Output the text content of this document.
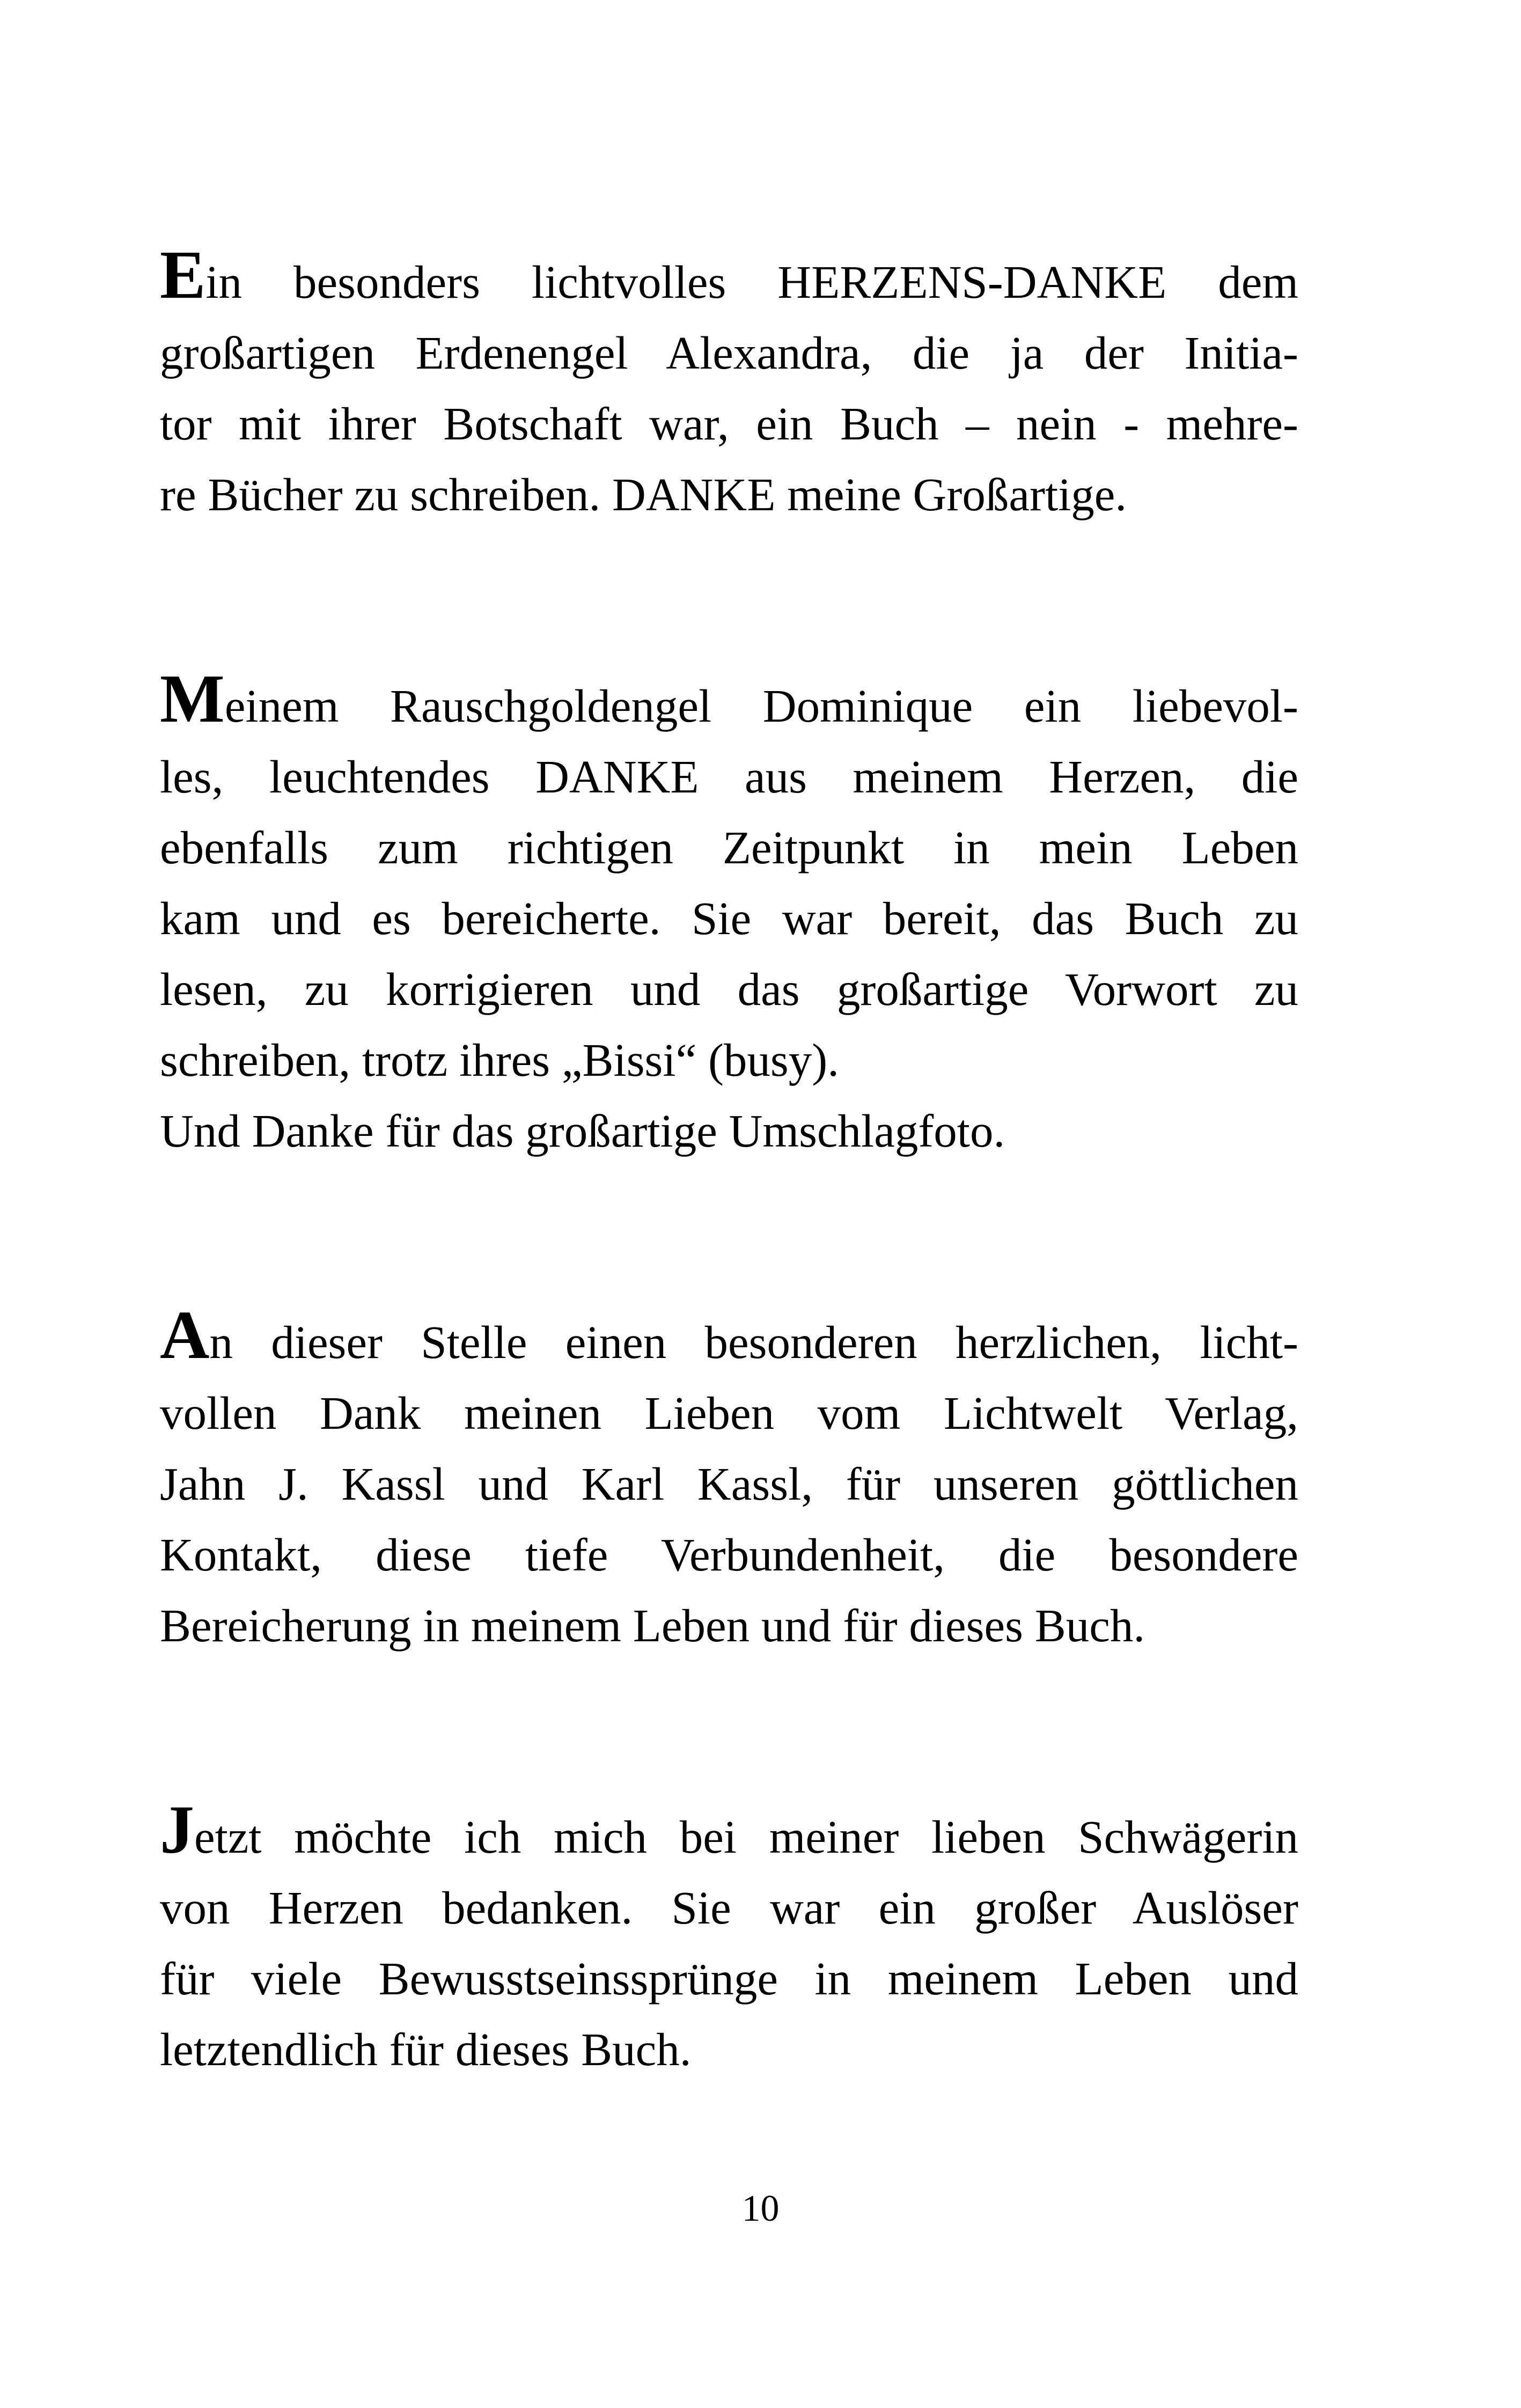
Ein besonders lichtvolles HERZENS-DANKE dem
großartigen Erdenengel Alexandra, die ja der Initia-
tor mit ihrer Botschaft war, ein Buch – nein - mehre-
re Bücher zu schreiben. DANKE meine Großartige.
Meinem Rauschgoldengel Dominique ein liebevol-
les, leuchtendes DANKE aus meinem Herzen, die
ebenfalls zum richtigen Zeitpunkt in mein Leben
kam und es bereicherte. Sie war bereit, das Buch zu
lesen, zu korrigieren und das großartige Vorwort zu
schreiben, trotz ihres „Bissi“ (busy).
Und Danke für das großartige Umschlagfoto.
An dieser Stelle einen besonderen herzlichen, licht-
vollen Dank meinen Lieben vom Lichtwelt Verlag,
Jahn J. Kassl und Karl Kassl, für unseren göttlichen
Kontakt, diese tiefe Verbundenheit, die besondere
Bereicherung in meinem Leben und für dieses Buch.
Jetzt möchte ich mich bei meiner lieben Schwägerin
von Herzen bedanken. Sie war ein großer Auslöser
für viele Bewusstseinssprünge in meinem Leben und
letztendlich für dieses Buch.
10
